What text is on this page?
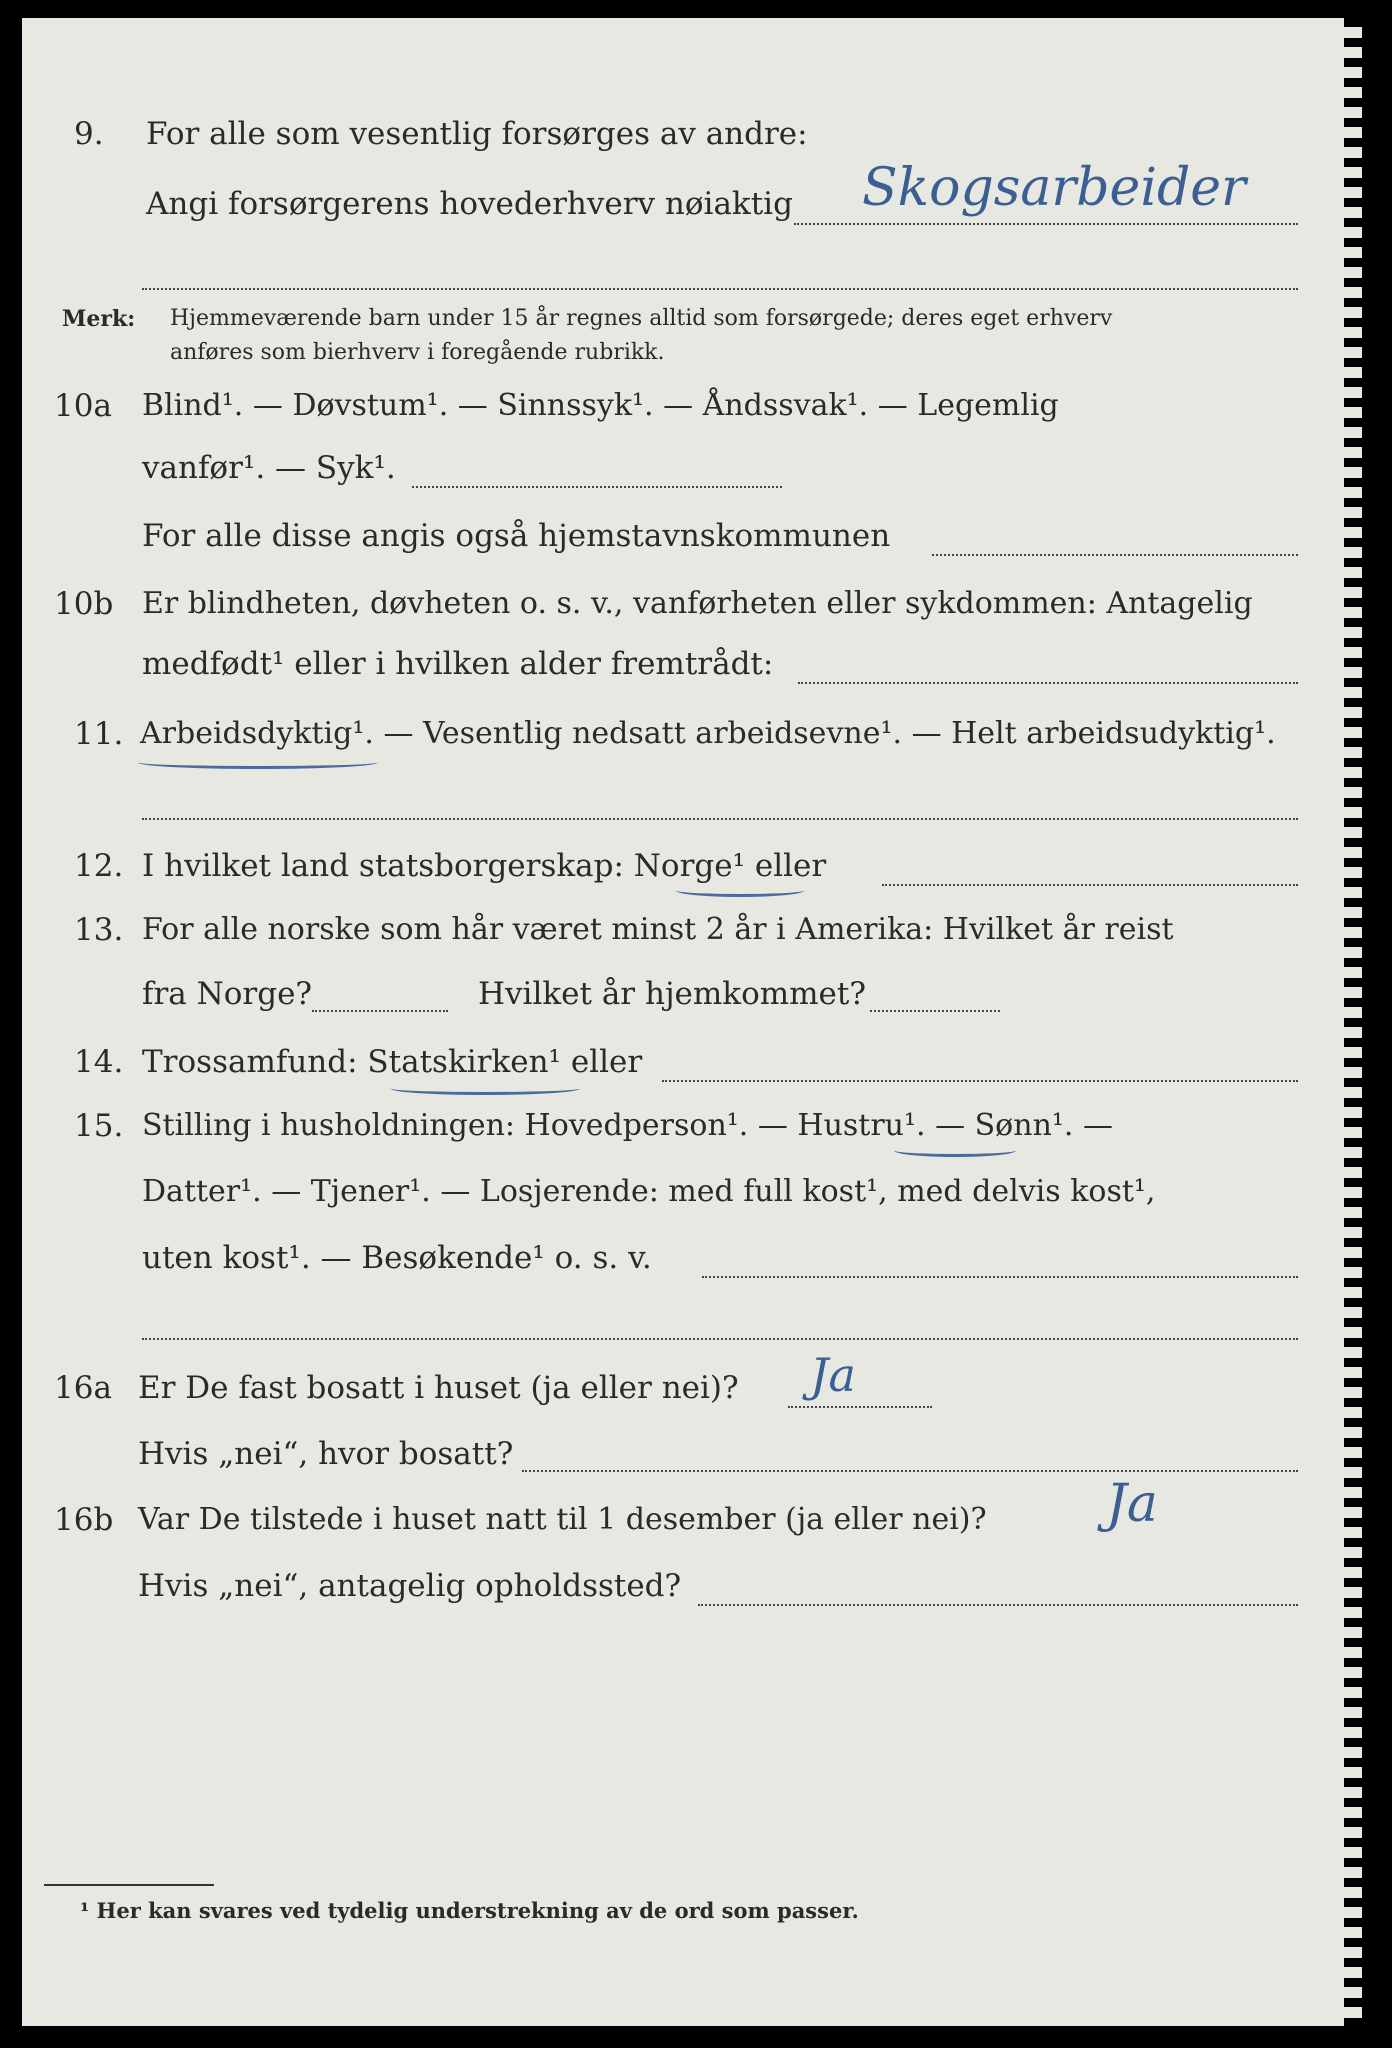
9. For alle som vesentlig forsørges av andre:
Angi forsørgerens hovederhverv nøiaktig Skogsarbeider
Merk: Hjemmeværende barn under 15 år regnes alltid som forsørgede; deres eget erhverv
anføres som bierhverv i foregående rubrikk.
10a Blind¹. — Døvstum¹. — Sinnssyk¹. — Åndssvak¹. — Legemlig
vanfør¹. — Syk¹.
For alle disse angis også hjemstavnskommunen
10b Er blindheten, døvheten o. s. v., vanførheten eller sykdommen: Antagelig
medfødt¹ eller i hvilken alder fremtrådt:
11. Arbeidsdyktig¹. — Vesentlig nedsatt arbeidsevne¹. — Helt arbeidsudyktig¹.
12. I hvilket land statsborgerskap: Norge¹ eller
13. For alle norske som hår været minst 2 år i Amerika: Hvilket år reist
fra Norge?	Hvilket år hjemkommet?
14. Trossamfund: Statskirken¹ eller
15. Stilling i husholdningen: Hovedperson¹. — Hustru¹. — Sønn¹. —
Datter¹. — Tjener¹. — Losjerende: med full kost¹, med delvis kost¹,
uten kost¹. — Besøkende¹ o. s. v.
16a Er De fast bosatt i huset (ja eller nei)? Ja
Hvis „nei“, hvor bosatt?
16b Var De tilstede i huset natt til 1 desember (ja eller nei)? Ja
Hvis „nei“, antagelig opholdssted?
¹ Her kan svares ved tydelig understrekning av de ord som passer.
